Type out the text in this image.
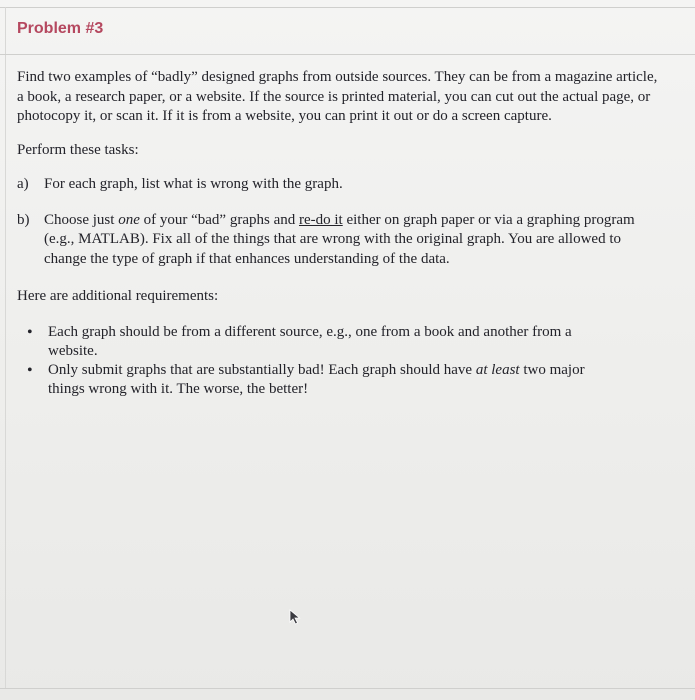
Problem #3

Find two examples of “badly” designed graphs from outside sources. They can be from a magazine article, a book, a research paper, or a website. If the source is printed material, you can cut out the actual page, or photocopy it, or scan it. If it is from a website, you can print it out or do a screen capture.

Perform these tasks:

a)	For each graph, list what is wrong with the graph.
b) Choose just one of your “bad” graphs and re-do it either on graph paper or via a graphing program (e.g., MATLAB). Fix all of the things that are wrong with the original graph. You are allowed to change the type of graph if that enhances understanding of the data.

Here are additional requirements:

•	Each graph should be from a different source, e.g., one from a book and another from a website.
•	Only submit graphs that are substantially bad! Each graph should have at least two major things wrong with it. The worse, the better!
